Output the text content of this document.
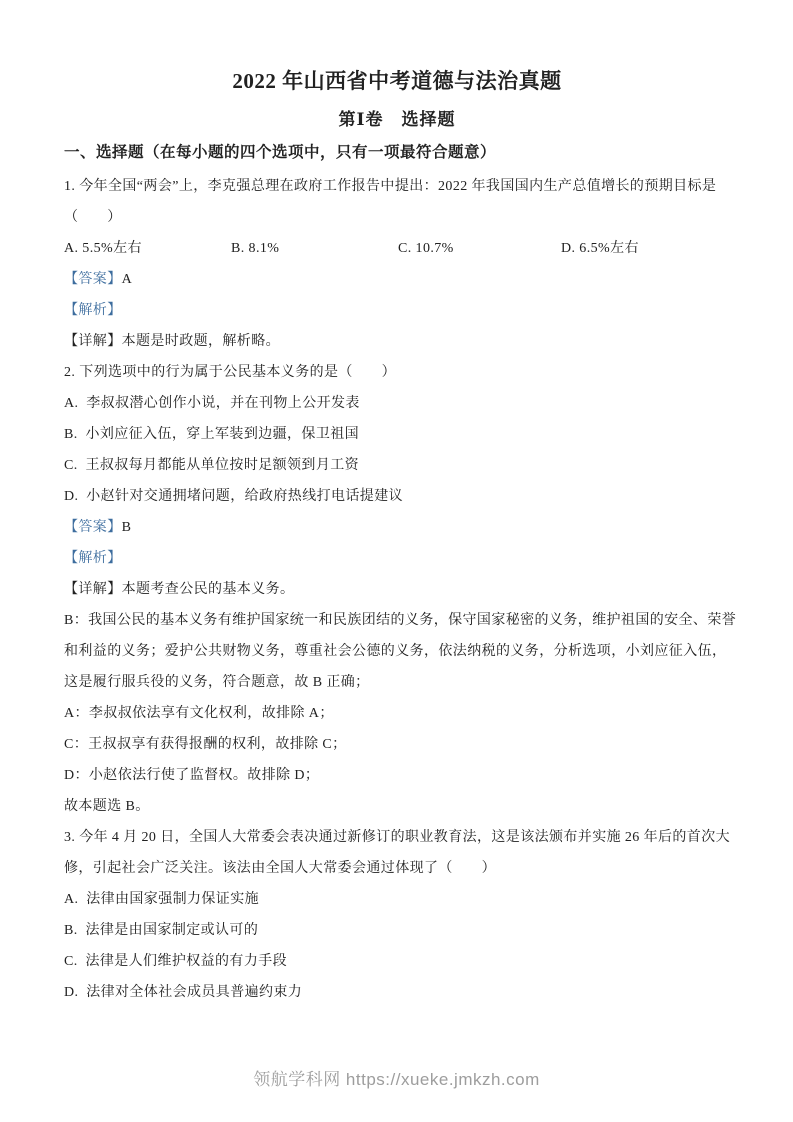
2022 年山西省中考道德与法治真题
第Ⅰ卷　选择题
一、选择题（在每小题的四个选项中，只有一项最符合题意）
1. 今年全国“两会”上，李克强总理在政府工作报告中提出：2022 年我国国内生产总值增长的预期目标是
（　　）
A. 5.5%左右	B. 8.1%	C. 10.7%	D. 6.5%左右
【答案】A
【解析】
【详解】本题是时政题，解析略。
2. 下列选项中的行为属于公民基本义务的是（　　）
A.  李叔叔潜心创作小说，并在刊物上公开发表
B.  小刘应征入伍，穿上军装到边疆，保卫祖国
C.  王叔叔每月都能从单位按时足额领到月工资
D.  小赵针对交通拥堵问题，给政府热线打电话提建议
【答案】B
【解析】
【详解】本题考查公民的基本义务。
B：我国公民的基本义务有维护国家统一和民族团结的义务，保守国家秘密的义务，维护祖国的安全、荣誉
和利益的义务；爱护公共财物义务，尊重社会公德的义务，依法纳税的义务，分析选项，小刘应征入伍，
这是履行服兵役的义务，符合题意，故 B 正确；
A：李叔叔依法享有文化权利，故排除 A；
C：王叔叔享有获得报酬的权利，故排除 C；
D：小赵依法行使了监督权。故排除 D；
故本题选 B。
3. 今年 4 月 20 日，全国人大常委会表决通过新修订的职业教育法，这是该法颁布并实施 26 年后的首次大
修，引起社会广泛关注。该法由全国人大常委会通过体现了（　　）
A.  法律由国家强制力保证实施
B.  法律是由国家制定或认可的
C.  法律是人们维护权益的有力手段
D.  法律对全体社会成员具普遍约束力
领航学科网 https://xueke.jmkzh.com
